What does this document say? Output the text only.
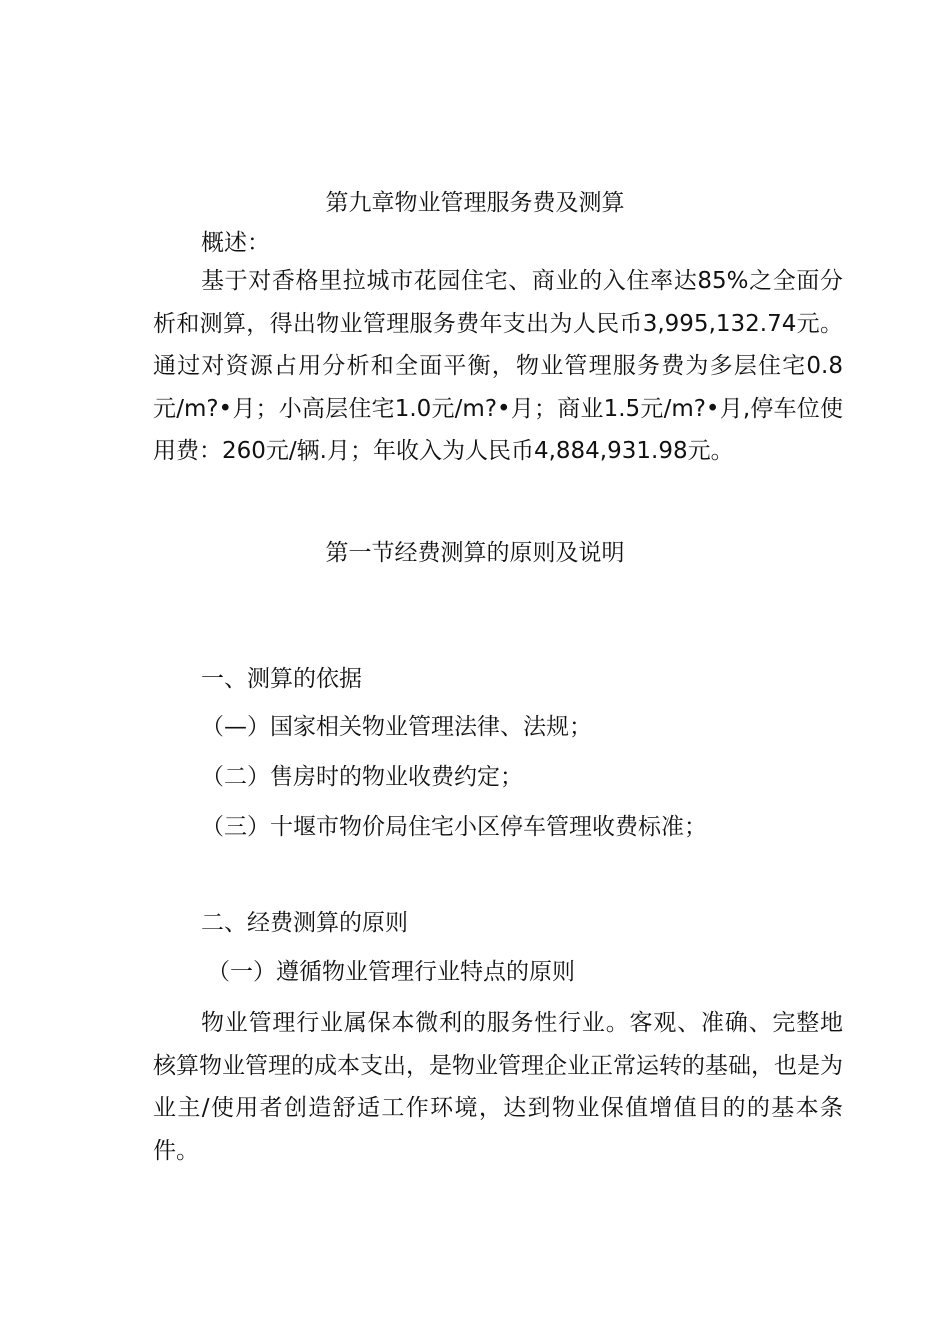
第九章物业管理服务费及测算
概述：
基于对香格里拉城市花园住宅、商业的入住率达85%之全面分析和测算，得出物业管理服务费年支出为人民币3,995,132.74元。通过对资源占用分析和全面平衡，物业管理服务费为多层住宅0.8元/m?•月；小高层住宅1.0元/m?•月；商业1.5元/m?•月,停车位使用费：260元/辆.月；年收入为人民币4,884,931.98元。
第一节经费测算的原则及说明
一、测算的依据
（—）国家相关物业管理法律、法规；
（二）售房时的物业收费约定；
（三）十堰市物价局住宅小区停车管理收费标准；
二、经费测算的原则
（一）遵循物业管理行业特点的原则
物业管理行业属保本微利的服务性行业。客观、准确、完整地核算物业管理的成本支出，是物业管理企业正常运转的基础，也是为业主/使用者创造舒适工作环境，达到物业保值增值目的的基本条件。
